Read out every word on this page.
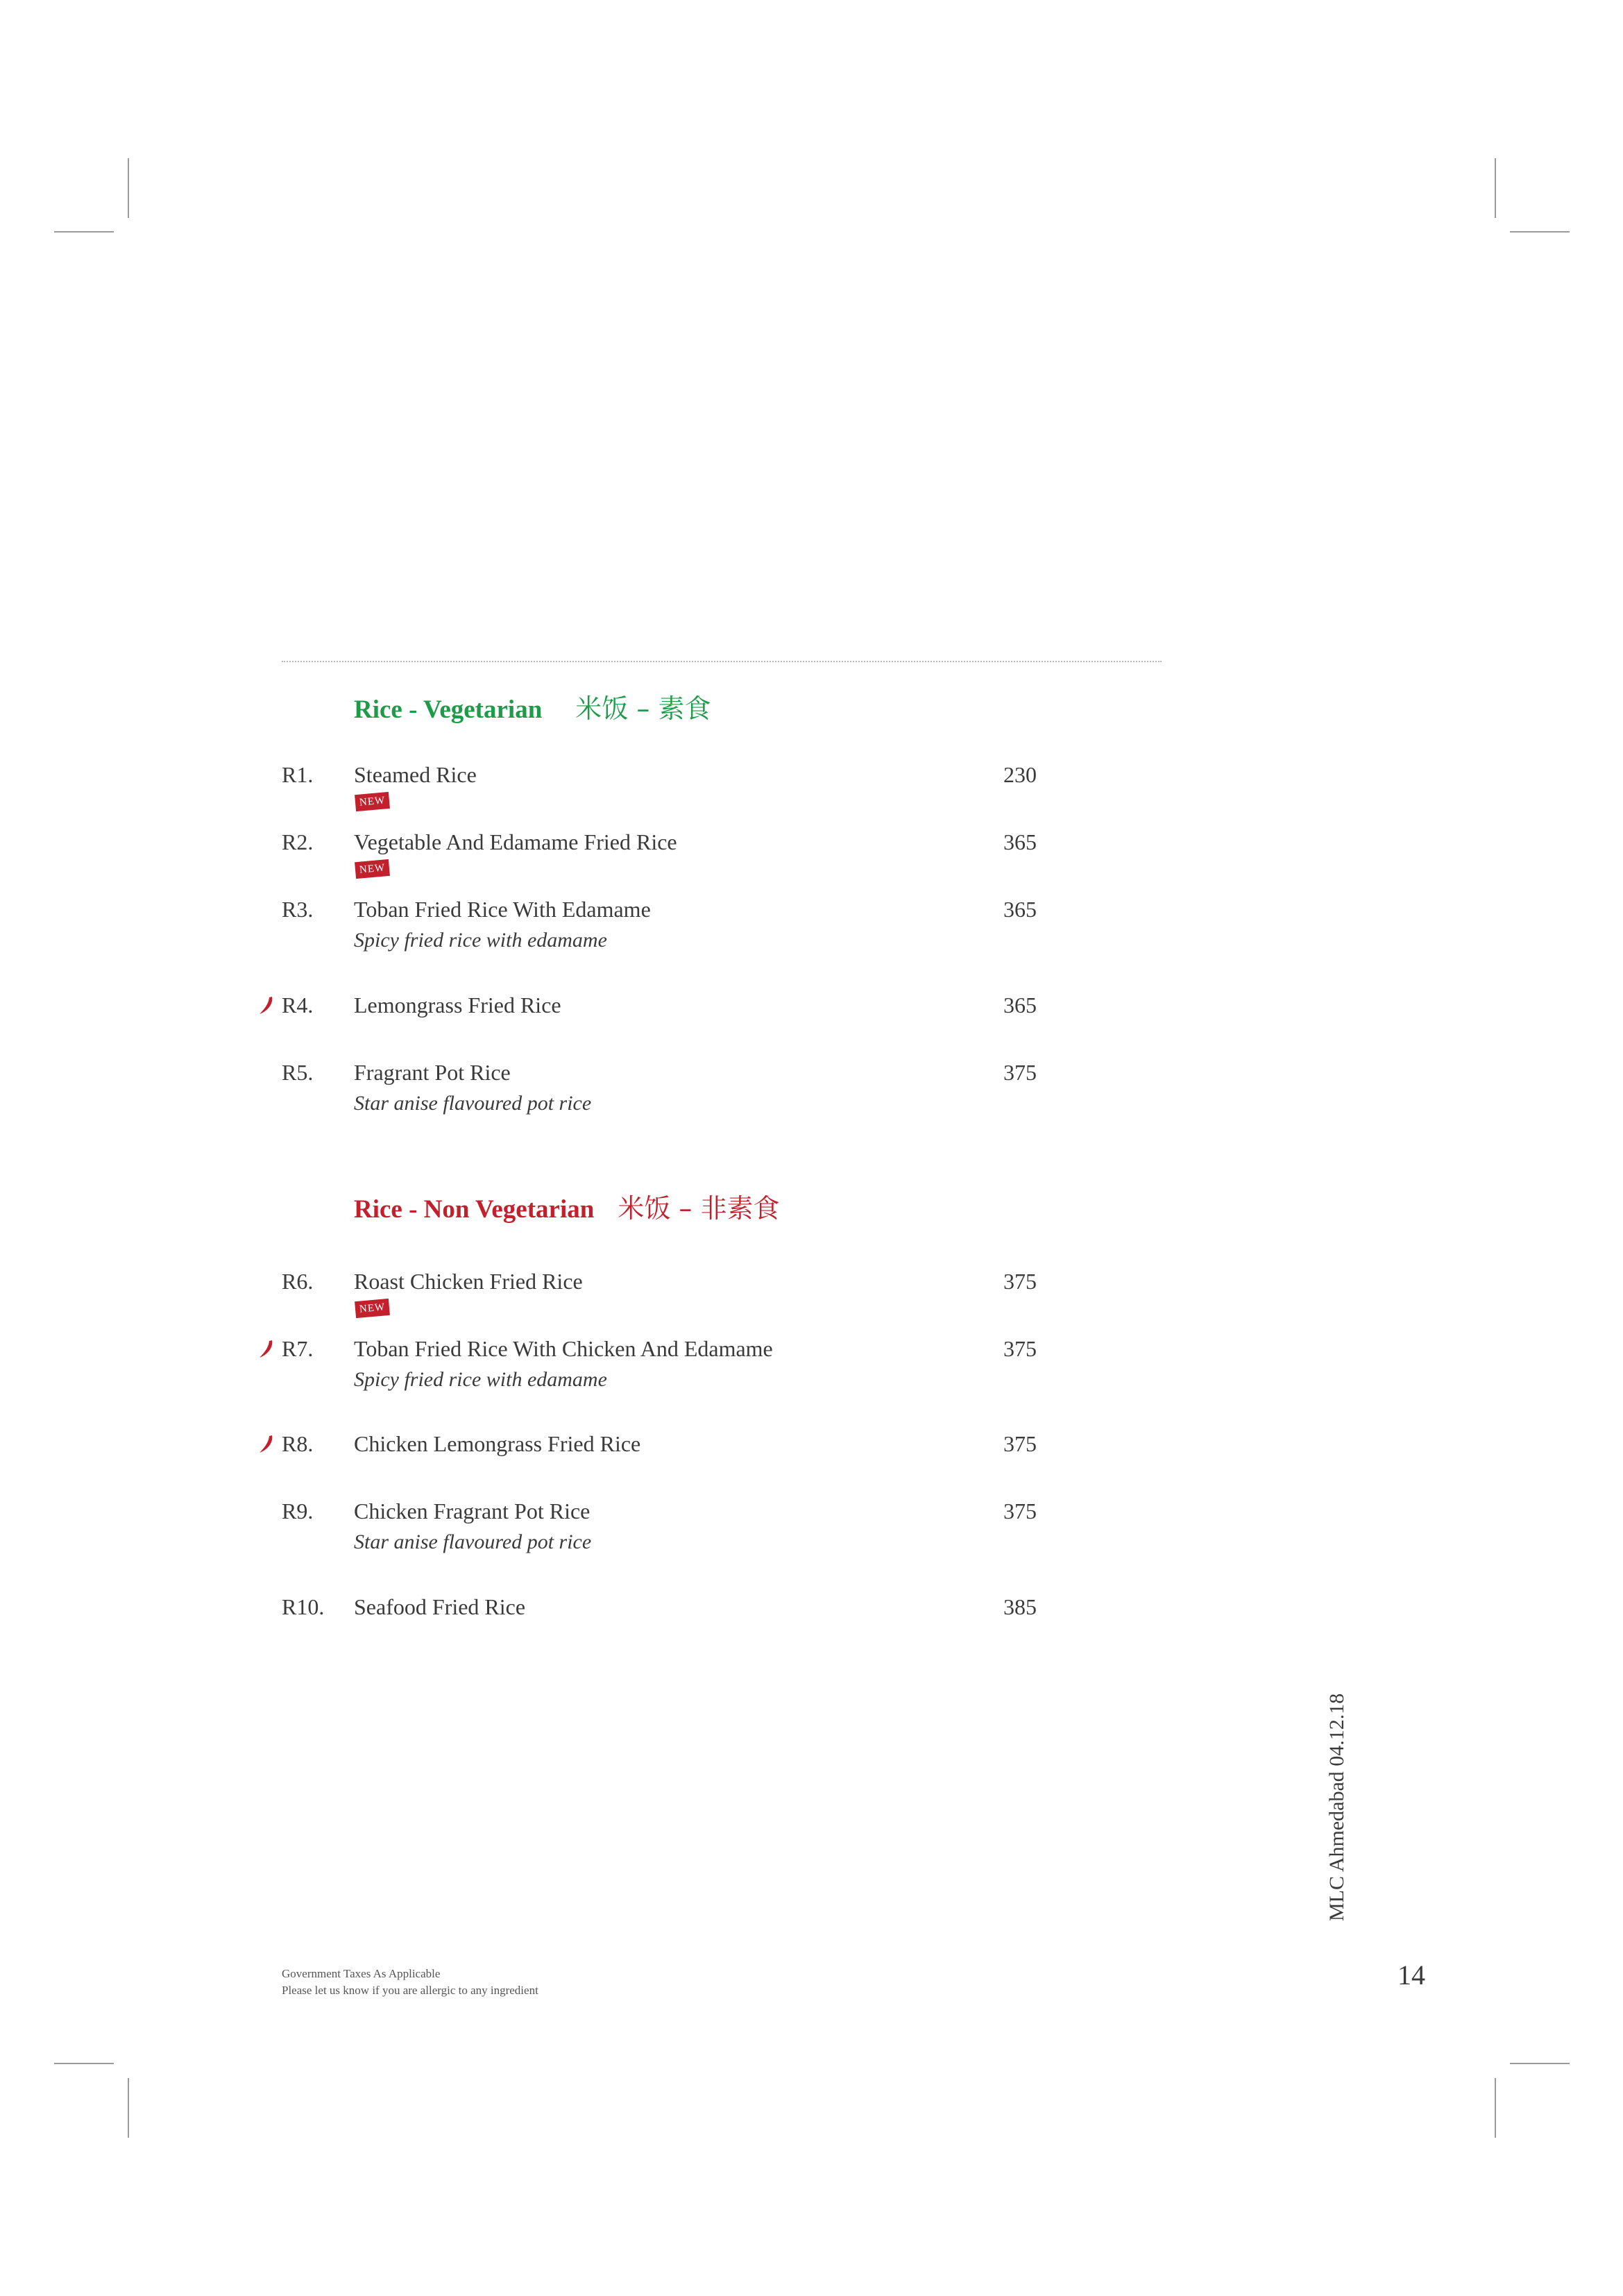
Rice - Vegetarian 米饭 – 素食
R1. Steamed Rice	230
NEW
R2. Vegetable And Edamame Fried Rice	365
NEW
R3. Toban Fried Rice With Edamame	365
Spicy fried rice with edamame
R4. Lemongrass Fried Rice	365
R5. Fragrant Pot Rice	375
Star anise flavoured pot rice
Rice - Non Vegetarian 米饭 – 非素食
R6. Roast Chicken Fried Rice	375
NEW
R7. Toban Fried Rice With Chicken And Edamame	375
Spicy fried rice with edamame
R8. Chicken Lemongrass Fried Rice	375
R9. Chicken Fragrant Pot Rice	375
Star anise flavoured pot rice
R10. Seafood Fried Rice	385
Government Taxes As Applicable
Please let us know if you are allergic to any ingredient
MLC Ahmedabad 04.12.18
14
